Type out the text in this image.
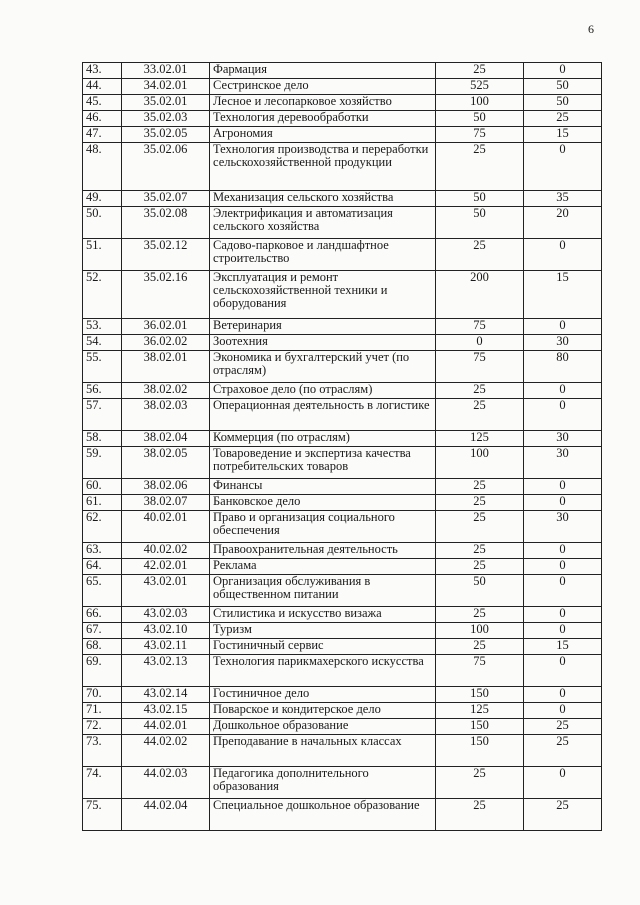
6
43.	33.02.01	Фармация	25	0
44.	34.02.01	Сестринское дело	525	50
45.	35.02.01	Лесное и лесопарковое хозяйство	100	50
46.	35.02.03	Технология деревообработки	50	25
47.	35.02.05	Агрономия	75	15
48.	35.02.06	Технология производства и переработки сельскохозяйственной продукции	25	0
49.	35.02.07	Механизация сельского хозяйства	50	35
50.	35.02.08	Электрификация и автоматизация сельского хозяйства	50	20
51.	35.02.12	Садово-парковое и ландшафтное строительство	25	0
52.	35.02.16	Эксплуатация и ремонт сельскохозяйственной техники и оборудования	200	15
53.	36.02.01	Ветеринария	75	0
54.	36.02.02	Зоотехния	0	30
55.	38.02.01	Экономика и бухгалтерский учет (по отраслям)	75	80
56.	38.02.02	Страховое дело (по отраслям)	25	0
57.	38.02.03	Операционная деятельность в логистике	25	0
58.	38.02.04	Коммерция (по отраслям)	125	30
59.	38.02.05	Товароведение и экспертиза качества потребительских товаров	100	30
60.	38.02.06	Финансы	25	0
61.	38.02.07	Банковское дело	25	0
62.	40.02.01	Право и организация социального обеспечения	25	30
63.	40.02.02	Правоохранительная деятельность	25	0
64.	42.02.01	Реклама	25	0
65.	43.02.01	Организация обслуживания в общественном питании	50	0
66.	43.02.03	Стилистика и искусство визажа	25	0
67.	43.02.10	Туризм	100	0
68.	43.02.11	Гостиничный сервис	25	15
69.	43.02.13	Технология парикмахерского искусства	75	0
70.	43.02.14	Гостиничное дело	150	0
71.	43.02.15	Поварское и кондитерское дело	125	0
72.	44.02.01	Дошкольное образование	150	25
73.	44.02.02	Преподавание в начальных классах	150	25
74.	44.02.03	Педагогика дополнительного образования	25	0
75.	44.02.04	Специальное дошкольное образование	25	25
